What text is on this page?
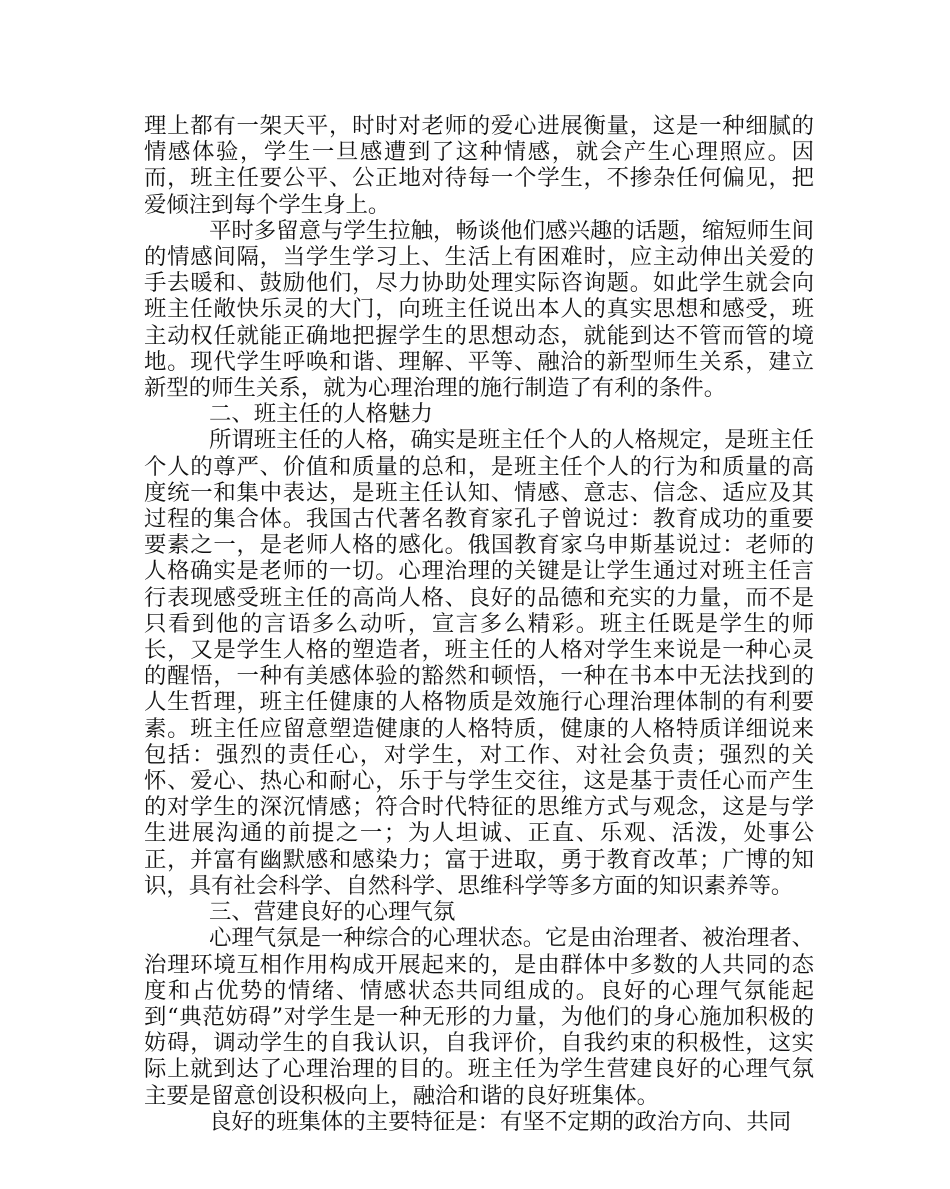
理上都有一架天平，时时对老师的爱心进展衡量，这是一种细腻的情感体验，学生一旦感遭到了这种情感，就会产生心理照应。因而，班主任要公平、公正地对待每一个学生，不掺杂任何偏见，把爱倾注到每个学生身上。

平时多留意与学生拉触，畅谈他们感兴趣的话题，缩短师生间的情感间隔，当学生学习上、生活上有困难时，应主动伸出关爱的手去暖和、鼓励他们，尽力协助处理实际咨询题。如此学生就会向班主任敞快乐灵的大门，向班主任说出本人的真实思想和感受，班主动权任就能正确地把握学生的思想动态，就能到达不管而管的境地。现代学生呼唤和谐、理解、平等、融洽的新型师生关系，建立新型的师生关系，就为心理治理的施行制造了有利的条件。

二、班主任的人格魅力

所谓班主任的人格，确实是班主任个人的人格规定，是班主任个人的尊严、价值和质量的总和，是班主任个人的行为和质量的高度统一和集中表达，是班主任认知、情感、意志、信念、适应及其过程的集合体。我国古代著名教育家孔子曾说过：教育成功的重要要素之一，是老师人格的感化。俄国教育家乌申斯基说过：老师的人格确实是老师的一切。心理治理的关键是让学生通过对班主任言行表现感受班主任的高尚人格、良好的品德和充实的力量，而不是只看到他的言语多么动听，宣言多么精彩。班主任既是学生的师长，又是学生人格的塑造者，班主任的人格对学生来说是一种心灵的醒悟，一种有美感体验的豁然和顿悟，一种在书本中无法找到的人生哲理，班主任健康的人格物质是效施行心理治理体制的有利要素。班主任应留意塑造健康的人格特质，健康的人格特质详细说来包括：强烈的责任心，对学生，对工作、对社会负责；强烈的关怀、爱心、热心和耐心，乐于与学生交往，这是基于责任心而产生的对学生的深沉情感；符合时代特征的思维方式与观念，这是与学生进展沟通的前提之一；为人坦诚、正直、乐观、活泼，处事公正，并富有幽默感和感染力；富于进取，勇于教育改革；广博的知识，具有社会科学、自然科学、思维科学等多方面的知识素养等。

三、营建良好的心理气氛

心理气氛是一种综合的心理状态。它是由治理者、被治理者、治理环境互相作用构成开展起来的，是由群体中多数的人共同的态度和占优势的情绪、情感状态共同组成的。良好的心理气氛能起到“典范妨碍”对学生是一种无形的力量，为他们的身心施加积极的妨碍，调动学生的自我认识，自我评价，自我约束的积极性，这实际上就到达了心理治理的目的。班主任为学生营建良好的心理气氛主要是留意创设积极向上，融洽和谐的良好班集体。

良好的班集体的主要特征是：有坚不定期的政治方向、共同
